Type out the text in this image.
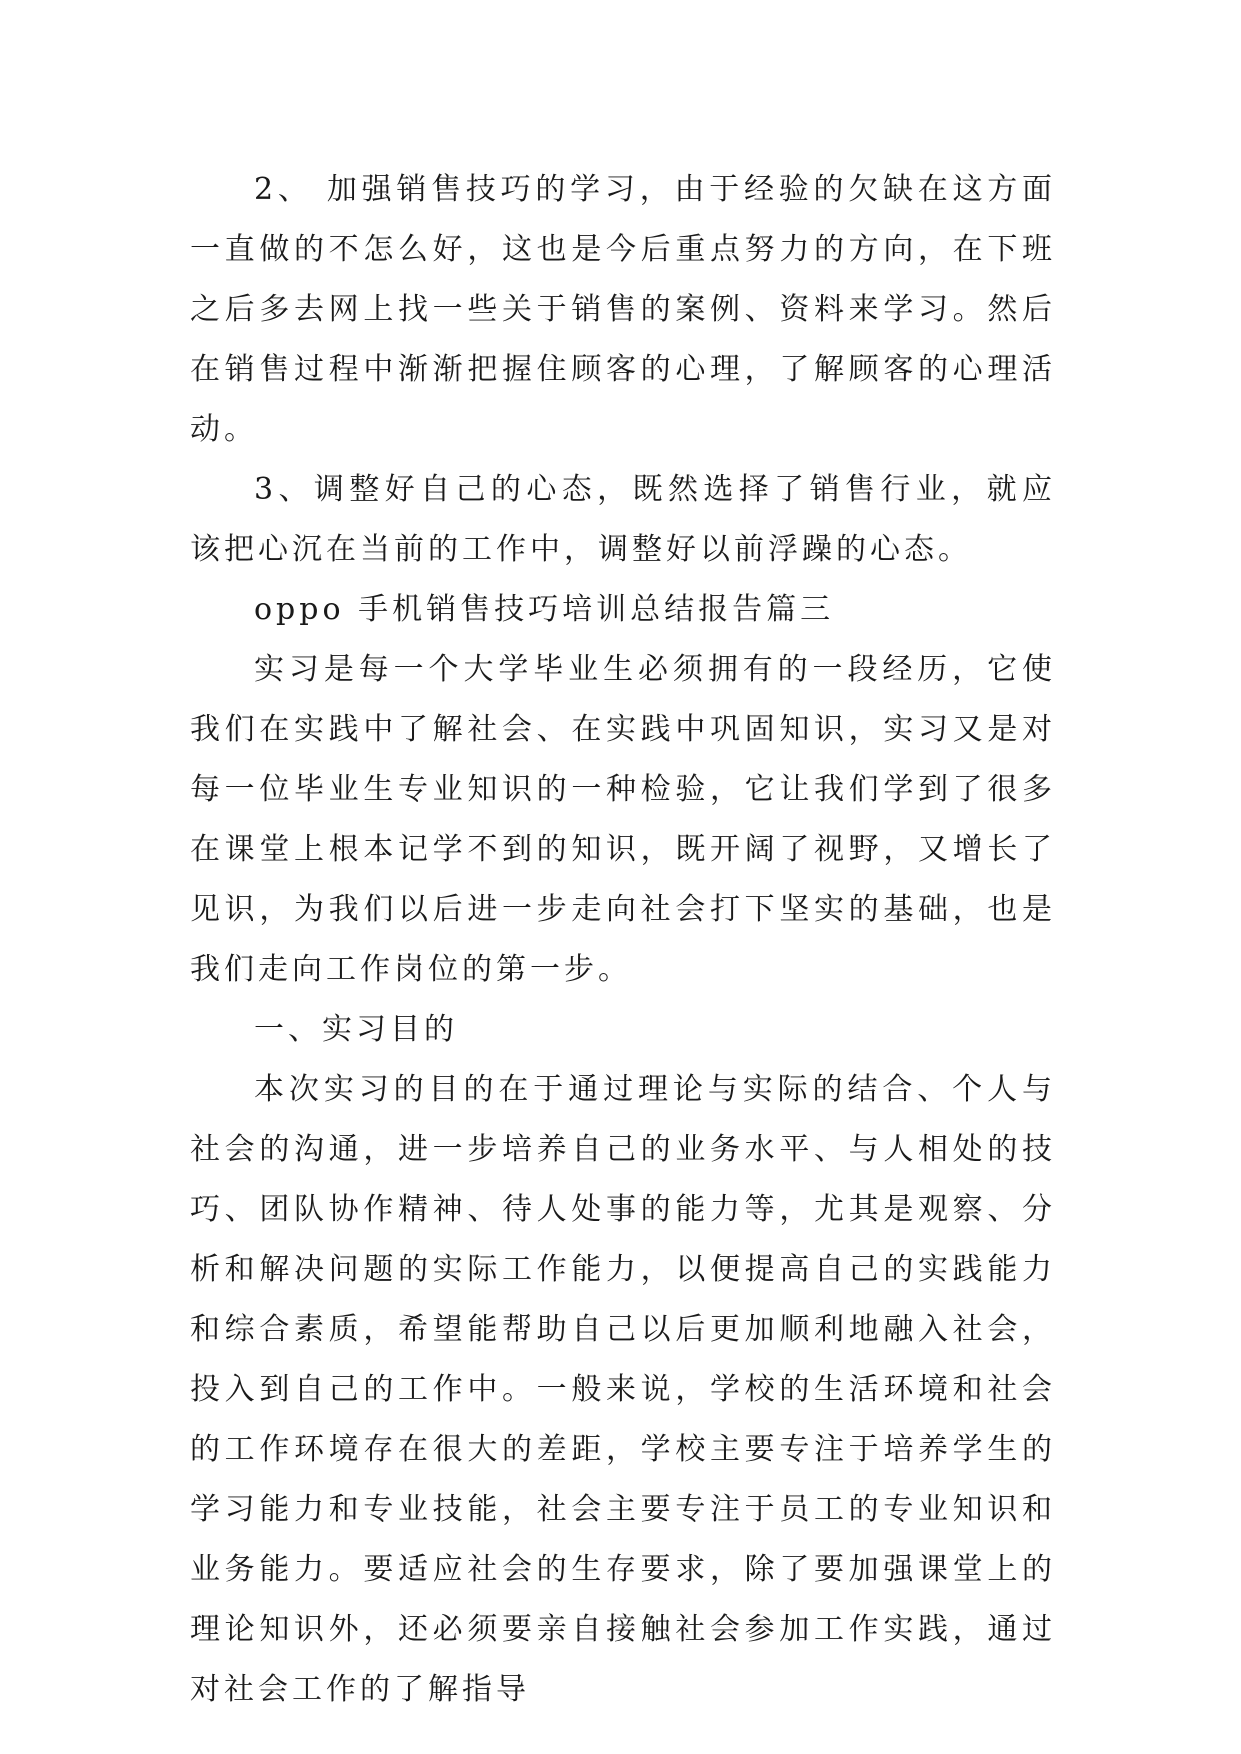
2、 加强销售技巧的学习，由于经验的欠缺在这方面一直做的不怎么好，这也是今后重点努力的方向，在下班之后多去网上找一些关于销售的案例、资料来学习。然后在销售过程中渐渐把握住顾客的心理，了解顾客的心理活动。

3、调整好自己的心态，既然选择了销售行业，就应该把心沉在当前的工作中，调整好以前浮躁的心态。

oppo 手机销售技巧培训总结报告篇三

实习是每一个大学毕业生必须拥有的一段经历，它使我们在实践中了解社会、在实践中巩固知识，实习又是对每一位毕业生专业知识的一种检验，它让我们学到了很多在课堂上根本记学不到的知识，既开阔了视野，又增长了见识，为我们以后进一步走向社会打下坚实的基础，也是我们走向工作岗位的第一步。

一、实习目的

本次实习的目的在于通过理论与实际的结合、个人与社会的沟通，进一步培养自己的业务水平、与人相处的技巧、团队协作精神、待人处事的能力等，尤其是观察、分析和解决问题的实际工作能力，以便提高自己的实践能力和综合素质，希望能帮助自己以后更加顺利地融入社会，投入到自己的工作中。一般来说，学校的生活环境和社会的工作环境存在很大的差距，学校主要专注于培养学生的学习能力和专业技能，社会主要专注于员工的专业知识和业务能力。要适应社会的生存要求，除了要加强课堂上的理论知识外，还必须要亲自接触社会参加工作实践，通过对社会工作的了解指导
